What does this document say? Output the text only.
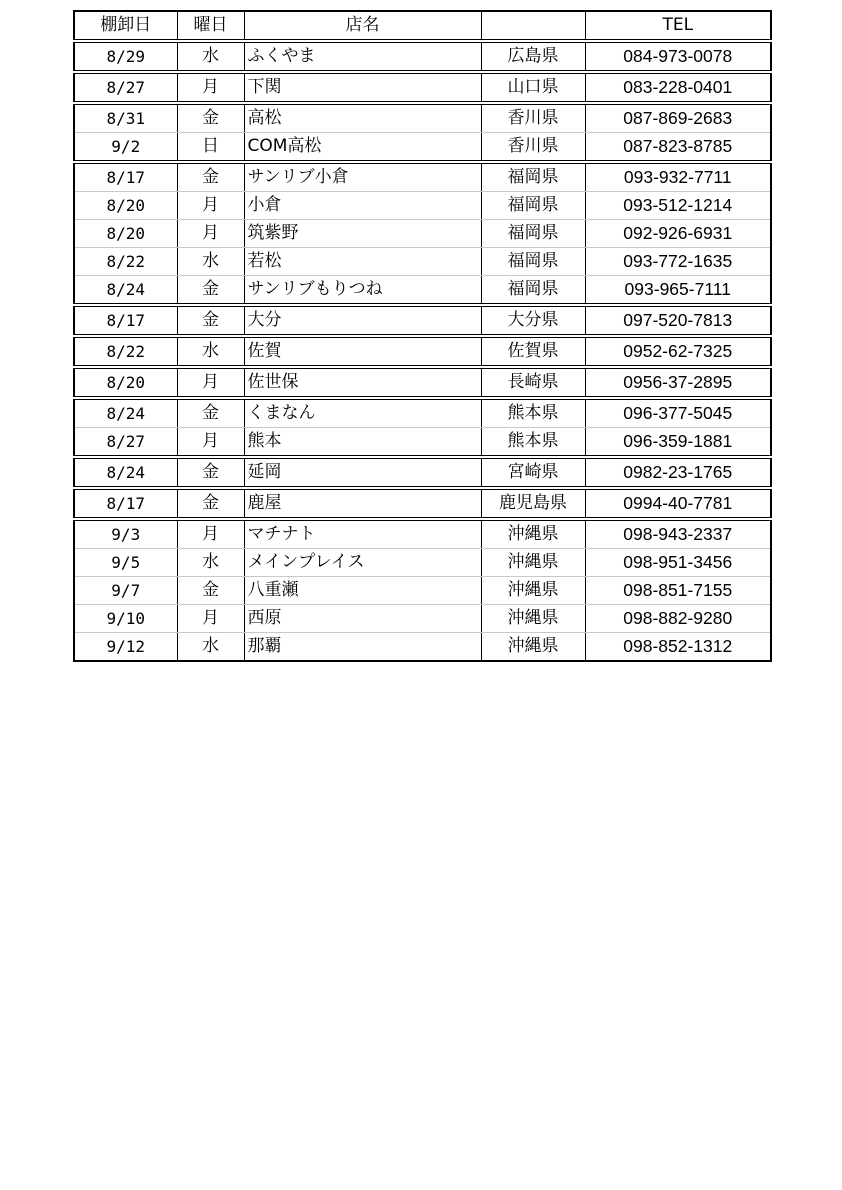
棚卸日	曜日	店名		TEL
8/29	水	ふくやま	広島県	084-973-0078
8/27	月	下関	山口県	083-228-0401
8/31	金	高松	香川県	087-869-2683
9/2	日	COM高松	香川県	087-823-8785
8/17	金	サンリブ小倉	福岡県	093-932-7711
8/20	月	小倉	福岡県	093-512-1214
8/20	月	筑紫野	福岡県	092-926-6931
8/22	水	若松	福岡県	093-772-1635
8/24	金	サンリブもりつね	福岡県	093-965-7111
8/17	金	大分	大分県	097-520-7813
8/22	水	佐賀	佐賀県	0952-62-7325
8/20	月	佐世保	長崎県	0956-37-2895
8/24	金	くまなん	熊本県	096-377-5045
8/27	月	熊本	熊本県	096-359-1881
8/24	金	延岡	宮崎県	0982-23-1765
8/17	金	鹿屋	鹿児島県	0994-40-7781
9/3	月	マチナト	沖縄県	098-943-2337
9/5	水	メインプレイス	沖縄県	098-951-3456
9/7	金	八重瀬	沖縄県	098-851-7155
9/10	月	西原	沖縄県	098-882-9280
9/12	水	那覇	沖縄県	098-852-1312
